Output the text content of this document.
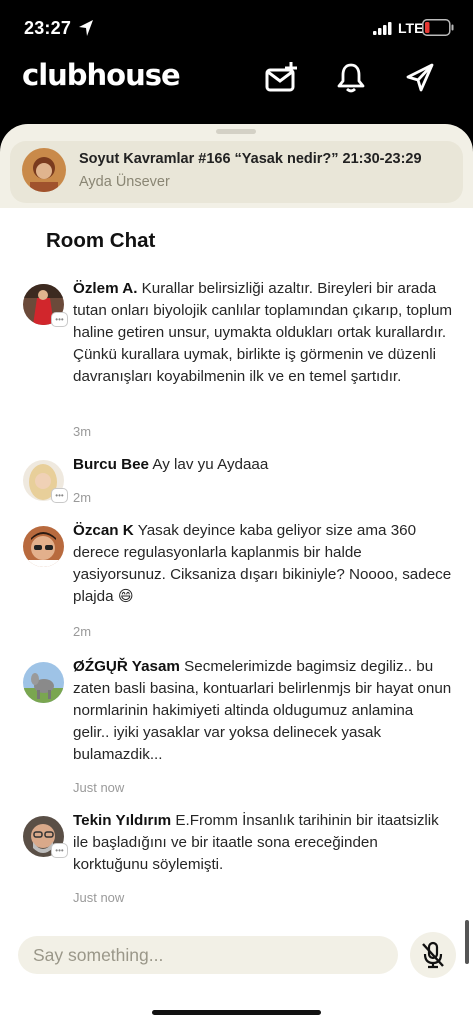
23:27	LTE
clubhouse
Soyut Kavramlar #166 “Yasak nedir?” 21:30-23:29
Ayda Ünsever
Room Chat
•••
Özlem A. Kurallar belirsizliği azaltır. Bireyleri bir arada tutan onları biyolojik canlılar toplamından çıkarıp, toplum haline getiren unsur, uymakta oldukları ortak kurallardır. Çünkü kurallara uymak, birlikte iş görmenin ve düzenli davranışları koyabilmenin ilk ve en temel şartıdır.
3m
•••
Burcu Bee Ay lav yu Aydaaa
2m
Özcan K Yasak deyince kaba geliyor size ama 360 derece regulasyonlarla kaplanmis bir halde yasiyorsunuz. Ciksaniza dışarı bikiniyle? Noooo, sadece plajda 😄
2m
ØŹGŲŘ Yasam Secmelerimizde bagimsiz degiliz.. bu zaten basli basina, kontuarlari belirlenmjs bir hayat onun normlarinin hakimiyeti altinda oldugumuz anlamina gelir.. iyiki yasaklar var yoksa delinecek yasak bulamazdik...
Just now
•••
Tekin Yıldırım E.Fromm İnsanlık tarihinin bir itaatsizlik ile başladığını ve bir itaatle sona ereceğinden korktuğunu söylemişti.
Just now
Say something...
